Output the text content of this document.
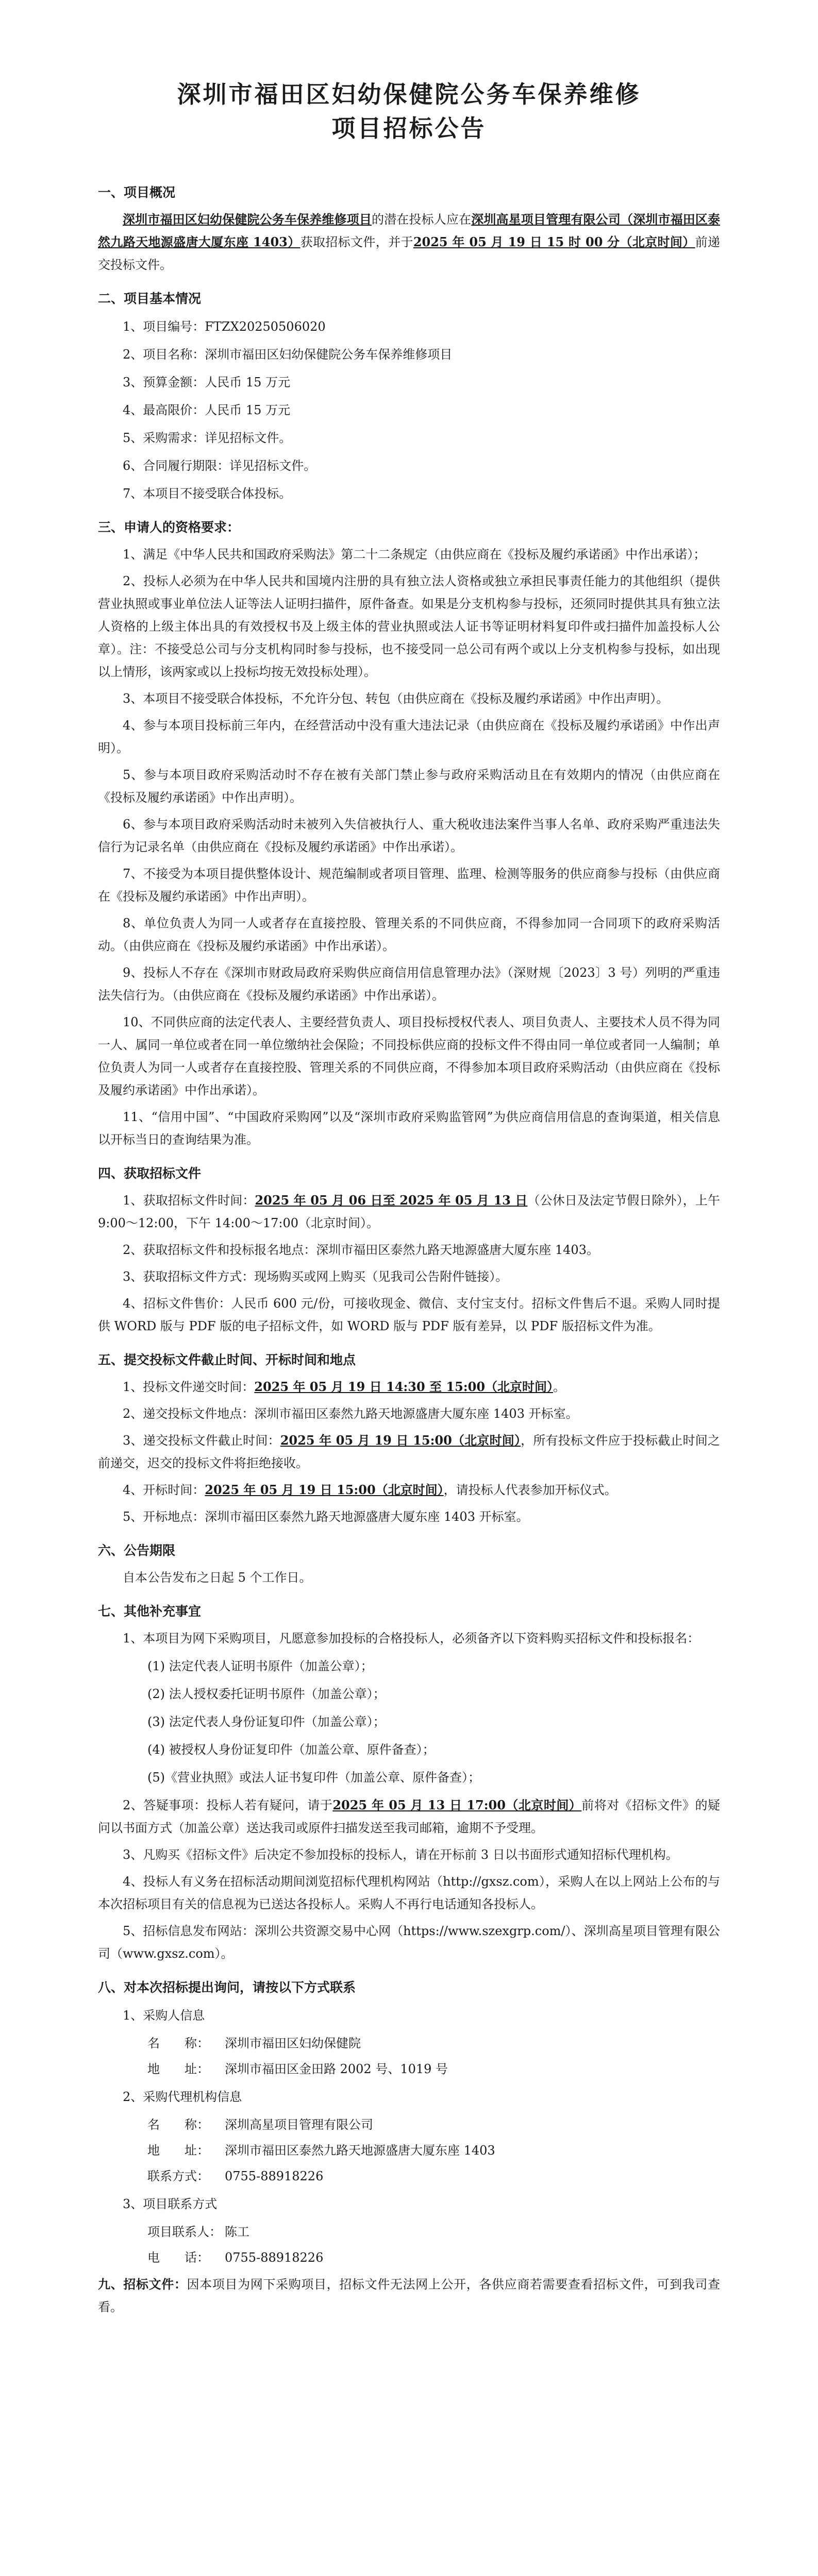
深圳市福田区妇幼保健院公务车保养维修
项目招标公告
一、项目概况
深圳市福田区妇幼保健院公务车保养维修项目的潜在投标人应在深圳高星项目管理有限公司（深圳市福田区泰然九路天地源盛唐大厦东座 1403）获取招标文件，并于2025 年 05 月 19 日 15 时 00 分（北京时间）前递交投标文件。
二、项目基本情况
1、项目编号：FTZX20250506020
2、项目名称：深圳市福田区妇幼保健院公务车保养维修项目
3、预算金额：人民币 15 万元
4、最高限价：人民币 15 万元
5、采购需求：详见招标文件。
6、合同履行期限：详见招标文件。
7、本项目不接受联合体投标。
三、申请人的资格要求：
1、满足《中华人民共和国政府采购法》第二十二条规定（由供应商在《投标及履约承诺函》中作出承诺）；
2、投标人必须为在中华人民共和国境内注册的具有独立法人资格或独立承担民事责任能力的其他组织（提供营业执照或事业单位法人证等法人证明扫描件，原件备查。如果是分支机构参与投标，还须同时提供其具有独立法人资格的上级主体出具的有效授权书及上级主体的营业执照或法人证书等证明材料复印件或扫描件加盖投标人公章）。注：不接受总公司与分支机构同时参与投标，也不接受同一总公司有两个或以上分支机构参与投标，如出现以上情形，该两家或以上投标均按无效投标处理）。
3、本项目不接受联合体投标，不允许分包、转包（由供应商在《投标及履约承诺函》中作出声明）。
4、参与本项目投标前三年内，在经营活动中没有重大违法记录（由供应商在《投标及履约承诺函》中作出声明）。
5、参与本项目政府采购活动时不存在被有关部门禁止参与政府采购活动且在有效期内的情况（由供应商在《投标及履约承诺函》中作出声明）。
6、参与本项目政府采购活动时未被列入失信被执行人、重大税收违法案件当事人名单、政府采购严重违法失信行为记录名单（由供应商在《投标及履约承诺函》中作出承诺）。
7、不接受为本项目提供整体设计、规范编制或者项目管理、监理、检测等服务的供应商参与投标（由供应商在《投标及履约承诺函》中作出声明）。
8、单位负责人为同一人或者存在直接控股、管理关系的不同供应商，不得参加同一合同项下的政府采购活动。（由供应商在《投标及履约承诺函》中作出承诺）。
9、投标人不存在《深圳市财政局政府采购供应商信用信息管理办法》（深财规〔2023〕3 号）列明的严重违法失信行为。（由供应商在《投标及履约承诺函》中作出承诺）。
10、不同供应商的法定代表人、主要经营负责人、项目投标授权代表人、项目负责人、主要技术人员不得为同一人、属同一单位或者在同一单位缴纳社会保险；不同投标供应商的投标文件不得由同一单位或者同一人编制；单位负责人为同一人或者存在直接控股、管理关系的不同供应商，不得参加本项目政府采购活动（由供应商在《投标及履约承诺函》中作出承诺）。
11、“信用中国”、“中国政府采购网”以及“深圳市政府采购监管网”为供应商信用信息的查询渠道，相关信息以开标当日的查询结果为准。
四、获取招标文件
1、获取招标文件时间：2025 年 05 月 06 日至 2025 年 05 月 13 日（公休日及法定节假日除外），上午 9:00～12:00，下午 14:00～17:00（北京时间）。
2、获取招标文件和投标报名地点：深圳市福田区泰然九路天地源盛唐大厦东座 1403。
3、获取招标文件方式：现场购买或网上购买（见我司公告附件链接）。
4、招标文件售价：人民币 600 元/份，可接收现金、微信、支付宝支付。招标文件售后不退。采购人同时提供 WORD 版与 PDF 版的电子招标文件，如 WORD 版与 PDF 版有差异，以 PDF 版招标文件为准。
五、提交投标文件截止时间、开标时间和地点
1、投标文件递交时间：2025 年 05 月 19 日 14:30 至 15:00（北京时间）。
2、递交投标文件地点：深圳市福田区泰然九路天地源盛唐大厦东座 1403 开标室。
3、递交投标文件截止时间：2025 年 05 月 19 日 15:00（北京时间），所有投标文件应于投标截止时间之前递交，迟交的投标文件将拒绝接收。
4、开标时间：2025 年 05 月 19 日 15:00（北京时间），请投标人代表参加开标仪式。
5、开标地点：深圳市福田区泰然九路天地源盛唐大厦东座 1403 开标室。
六、公告期限
自本公告发布之日起 5 个工作日。
七、其他补充事宜
1、本项目为网下采购项目，凡愿意参加投标的合格投标人，必须备齐以下资料购买招标文件和投标报名：
(1) 法定代表人证明书原件（加盖公章）；
(2) 法人授权委托证明书原件（加盖公章）；
(3) 法定代表人身份证复印件（加盖公章）；
(4) 被授权人身份证复印件（加盖公章、原件备查）；
(5)《营业执照》或法人证书复印件（加盖公章、原件备查）；
2、答疑事项：投标人若有疑问，请于2025 年 05 月 13 日 17:00（北京时间）前将对《招标文件》的疑问以书面方式（加盖公章）送达我司或原件扫描发送至我司邮箱，逾期不予受理。
3、凡购买《招标文件》后决定不参加投标的投标人，请在开标前 3 日以书面形式通知招标代理机构。
4、投标人有义务在招标活动期间浏览招标代理机构网站（http://gxsz.com），采购人在以上网站上公布的与本次招标项目有关的信息视为已送达各投标人。采购人不再行电话通知各投标人。
5、招标信息发布网站：深圳公共资源交易中心网（https://www.szexgrp.com/）、深圳高星项目管理有限公司（www.gxsz.com）。
八、对本次招标提出询问，请按以下方式联系
1、采购人信息
名　　称： 深圳市福田区妇幼保健院
地　　址： 深圳市福田区金田路 2002 号、1019 号
2、采购代理机构信息
名　　称： 深圳高星项目管理有限公司
地　　址： 深圳市福田区泰然九路天地源盛唐大厦东座 1403
联系方式： 0755-88918226
3、项目联系方式
项目联系人： 陈工
电　　话： 0755-88918226
九、招标文件：因本项目为网下采购项目，招标文件无法网上公开，各供应商若需要查看招标文件，可到我司查看。
